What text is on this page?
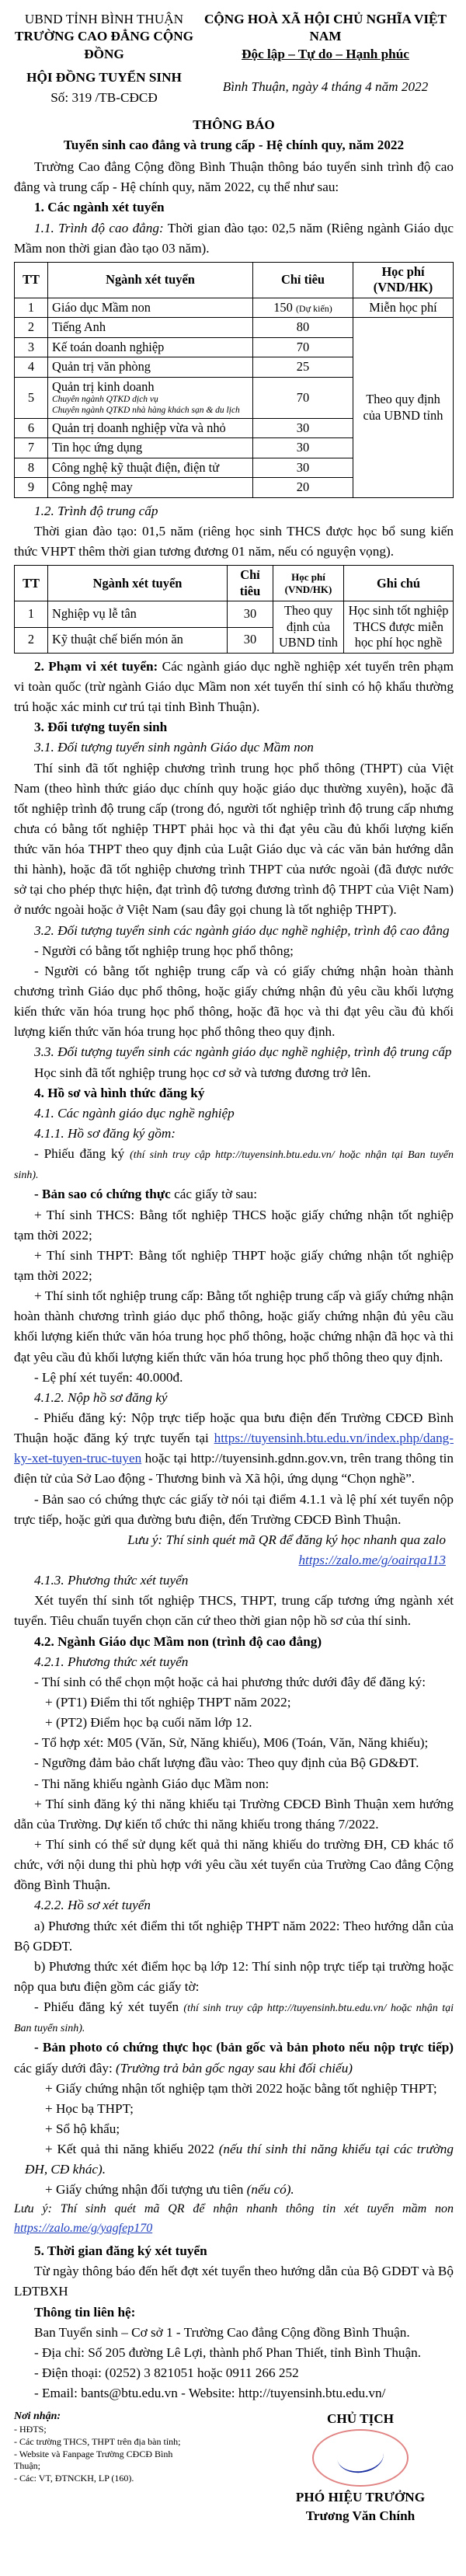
UBND TỈNH BÌNH THUẬN
TRƯỜNG CAO ĐẲNG CỘNG ĐỒNG
HỘI ĐỒNG TUYỂN SINH
Số: 319 /TB-CĐCĐ
CỘNG HOÀ XÃ HỘI CHỦ NGHĨA VIỆT NAM
Độc lập – Tự do – Hạnh phúc
Bình Thuận, ngày 4 tháng 4 năm 2022
THÔNG BÁO
Tuyển sinh cao đẳng và trung cấp - Hệ chính quy, năm 2022
Trường Cao đẳng Cộng đồng Bình Thuận thông báo tuyển sinh trình độ cao đẳng và trung cấp - Hệ chính quy, năm 2022, cụ thể như sau:
1. Các ngành xét tuyển
1.1. Trình độ cao đẳng: Thời gian đào tạo: 02,5 năm (Riêng ngành Giáo dục Mầm non thời gian đào tạo 03 năm).
TT	Ngành xét tuyển	Chỉ tiêu	Học phí
(VND/HK)
1	Giáo dục Mầm non	150 (Dự kiến)	Miễn học phí
2	Tiếng Anh	80	Theo quy định của UBND tỉnh
3	Kế toán doanh nghiệp	70	
4	Quản trị văn phòng	25	
5	Quản trị kinh doanh
Chuyên ngành QTKD dịch vụ
Chuyên ngành QTKD nhà hàng khách sạn & du lịch	70	
6	Quản trị doanh nghiệp vừa và nhỏ	30	
7	Tin học ứng dụng	30	
8	Công nghệ kỹ thuật điện, điện tử	30	
9	Công nghệ may	20	
1.2. Trình độ trung cấp
Thời gian đào tạo: 01,5 năm (riêng học sinh THCS được học bổ sung kiến thức VHPT thêm thời gian tương đương 01 năm, nếu có nguyện vọng).
TT	Ngành xét tuyển	Chỉ tiêu	Học phí (VND/HK)	Ghi chú
1	Nghiệp vụ lễ tân	30	Theo quy định của UBND tỉnh	Học sinh tốt nghiệp THCS được miễn học phí học nghề
2	Kỹ thuật chế biến món ăn	30		
2. Phạm vi xét tuyển: Các ngành giáo dục nghề nghiệp xét tuyển trên phạm vi toàn quốc (trừ ngành Giáo dục Mầm non xét tuyển thí sinh có hộ khẩu thường trú hoặc xác minh cư trú tại tỉnh Bình Thuận).
3. Đối tượng tuyển sinh
3.1. Đối tượng tuyển sinh ngành Giáo dục Mầm non
Thí sinh đã tốt nghiệp chương trình trung học phổ thông (THPT) của Việt Nam (theo hình thức giáo dục chính quy hoặc giáo dục thường xuyên), hoặc đã tốt nghiệp trình độ trung cấp (trong đó, người tốt nghiệp trình độ trung cấp nhưng chưa có bằng tốt nghiệp THPT phải học và thi đạt yêu cầu đủ khối lượng kiến thức văn hóa THPT theo quy định của Luật Giáo dục và các văn bản hướng dẫn thi hành), hoặc đã tốt nghiệp chương trình THPT của nước ngoài (đã được nước sở tại cho phép thực hiện, đạt trình độ tương đương trình độ THPT của Việt Nam) ở nước ngoài hoặc ở Việt Nam (sau đây gọi chung là tốt nghiệp THPT).
3.2. Đối tượng tuyển sinh các ngành giáo dục nghề nghiệp, trình độ cao đẳng
- Người có bằng tốt nghiệp trung học phổ thông;
- Người có bằng tốt nghiệp trung cấp và có giấy chứng nhận hoàn thành chương trình Giáo dục phổ thông, hoặc giấy chứng nhận đủ yêu cầu khối lượng kiến thức văn hóa trung học phổ thông, hoặc đã học và thi đạt yêu cầu đủ khối lượng kiến thức văn hóa trung học phổ thông theo quy định.
3.3. Đối tượng tuyển sinh các ngành giáo dục nghề nghiệp, trình độ trung cấp
Học sinh đã tốt nghiệp trung học cơ sở và tương đương trở lên.
4. Hồ sơ và hình thức đăng ký
4.1. Các ngành giáo dục nghề nghiệp
4.1.1. Hồ sơ đăng ký gồm:
- Phiếu đăng ký (thí sinh truy cập http://tuyensinh.btu.edu.vn/ hoặc nhận tại Ban tuyển sinh).
- Bản sao có chứng thực các giấy tờ sau:
+ Thí sinh THCS: Bằng tốt nghiệp THCS hoặc giấy chứng nhận tốt nghiệp tạm thời 2022;
+ Thí sinh THPT: Bằng tốt nghiệp THPT hoặc giấy chứng nhận tốt nghiệp tạm thời 2022;
+ Thí sinh tốt nghiệp trung cấp: Bằng tốt nghiệp trung cấp và giấy chứng nhận hoàn thành chương trình giáo dục phổ thông, hoặc giấy chứng nhận đủ yêu cầu khối lượng kiến thức văn hóa trung học phổ thông, hoặc chứng nhận đã học và thi đạt yêu cầu đủ khối lượng kiến thức văn hóa trung học phổ thông theo quy định.
- Lệ phí xét tuyển: 40.000đ.
4.1.2. Nộp hồ sơ đăng ký
- Phiếu đăng ký: Nộp trực tiếp hoặc qua bưu điện đến Trường CĐCĐ Bình Thuận hoặc đăng ký trực tuyến tại https://tuyensinh.btu.edu.vn/index.php/dang-ky-xet-tuyen-truc-tuyen hoặc tại http://tuyensinh.gdnn.gov.vn, trên trang thông tin điện tử của Sở Lao động - Thương binh và Xã hội, ứng dụng “Chọn nghề”.
- Bản sao có chứng thực các giấy tờ nói tại điểm 4.1.1 và lệ phí xét tuyển nộp trực tiếp, hoặc gửi qua đường bưu điện, đến Trường CĐCĐ Bình Thuận.
Lưu ý: Thí sinh quét mã QR để đăng ký học nhanh qua zalo
https://zalo.me/g/oairqa113
4.1.3. Phương thức xét tuyển
Xét tuyển thí sinh tốt nghiệp THCS, THPT, trung cấp tương ứng ngành xét tuyển. Tiêu chuẩn tuyển chọn căn cứ theo thời gian nộp hồ sơ của thí sinh.
4.2. Ngành Giáo dục Mầm non (trình độ cao đẳng)
4.2.1. Phương thức xét tuyển
- Thí sinh có thể chọn một hoặc cả hai phương thức dưới đây để đăng ký:
+ (PT1) Điểm thi tốt nghiệp THPT năm 2022;
+ (PT2) Điểm học bạ cuối năm lớp 12.
- Tổ hợp xét: M05 (Văn, Sử, Năng khiếu), M06 (Toán, Văn, Năng khiếu);
- Ngưỡng đảm bảo chất lượng đầu vào: Theo quy định của Bộ GD&ĐT.
- Thi năng khiếu ngành Giáo dục Mầm non:
+ Thí sinh đăng ký thi năng khiếu tại Trường CĐCĐ Bình Thuận xem hướng dẫn của Trường. Dự kiến tổ chức thi năng khiếu trong tháng 7/2022.
+ Thí sinh có thể sử dụng kết quả thi năng khiếu do trường ĐH, CĐ khác tổ chức, với nội dung thi phù hợp với yêu cầu xét tuyển của Trường Cao đẳng Cộng đồng Bình Thuận.
4.2.2. Hồ sơ xét tuyển
a) Phương thức xét điểm thi tốt nghiệp THPT năm 2022: Theo hướng dẫn của Bộ GDĐT.
b) Phương thức xét điểm học bạ lớp 12: Thí sinh nộp trực tiếp tại trường hoặc nộp qua bưu điện gồm các giấy tờ:
- Phiếu đăng ký xét tuyển (thí sinh truy cập http://tuyensinh.btu.edu.vn/ hoặc nhận tại Ban tuyển sinh).
- Bản photo có chứng thực học (bản gốc và bản photo nếu nộp trực tiếp) các giấy dưới đây: (Trường trả bản gốc ngay sau khi đối chiếu)
+ Giấy chứng nhận tốt nghiệp tạm thời 2022 hoặc bằng tốt nghiệp THPT;
+ Học bạ THPT;
+ Sổ hộ khẩu;
+ Kết quả thi năng khiếu 2022 (nếu thí sinh thi năng khiếu tại các trường ĐH, CĐ khác).
+ Giấy chứng nhận đối tượng ưu tiên (nếu có).
Lưu ý: Thí sinh quét mã QR để nhận nhanh thông tin xét tuyển mầm non https://zalo.me/g/yagfep170
5. Thời gian đăng ký xét tuyển
Từ ngày thông báo đến hết đợt xét tuyển theo hướng dẫn của Bộ GDĐT và Bộ LĐTBXH
Thông tin liên hệ:
Ban Tuyển sinh – Cơ sở 1 - Trường Cao đẳng Cộng đồng Bình Thuận.
- Địa chỉ: Số 205 đường Lê Lợi, thành phố Phan Thiết, tỉnh Bình Thuận.
- Điện thoại: (0252) 3 821051 hoặc 0911 266 252
- Email: bants@btu.edu.vn - Website: http://tuyensinh.btu.edu.vn/
Nơi nhận:
- HĐTS;
- Các trường THCS, THPT trên địa bàn tỉnh;
- Website và Fanpage Trường CĐCĐ Bình Thuận;
- Các: VT, ĐTNCKH, LP (160).
CHỦ TỊCH
PHÓ HIỆU TRƯỞNG
Trương Văn Chính
